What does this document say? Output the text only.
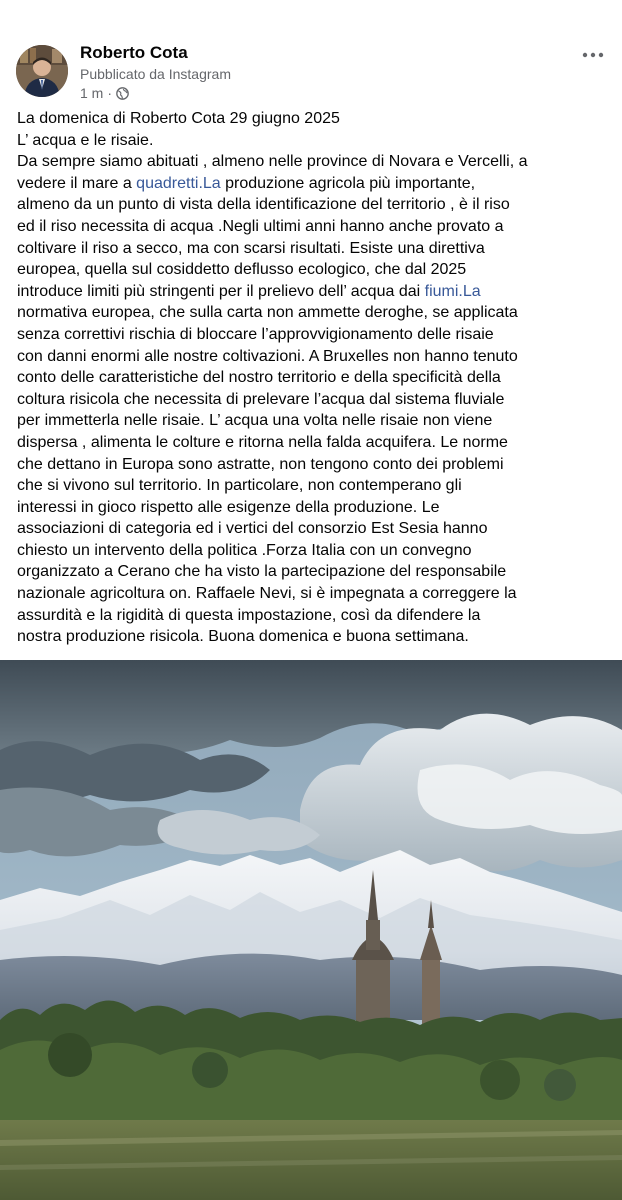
Roberto Cota
Pubblicato da Instagram
1 m ·
La domenica di Roberto Cota 29 giugno 2025
L’ acqua e le risaie.
Da sempre siamo abituati , almeno nelle province di Novara e Vercelli, a
vedere il mare a quadretti.La produzione agricola più importante,
almeno da un punto di vista della identificazione del territorio , è il riso
ed il riso necessita di acqua .Negli ultimi anni hanno anche provato a
coltivare il riso a secco, ma con scarsi risultati. Esiste una direttiva
europea, quella sul cosiddetto deflusso ecologico, che dal 2025
introduce limiti più stringenti per il prelievo dell’ acqua dai fiumi.La
normativa europea, che sulla carta non ammette deroghe, se applicata
senza correttivi rischia di bloccare l’approvvigionamento delle risaie
con danni enormi alle nostre coltivazioni. A Bruxelles non hanno tenuto
conto delle caratteristiche del nostro territorio e della specificità della
coltura risicola che necessita di prelevare l’acqua dal sistema fluviale
per immetterla nelle risaie. L’ acqua una volta nelle risaie non viene
dispersa , alimenta le colture e ritorna nella falda acquifera. Le norme
che dettano in Europa sono astratte, non tengono conto dei problemi
che si vivono sul territorio. In particolare, non contemperano gli
interessi in gioco rispetto alle esigenze della produzione. Le
associazioni di categoria ed i vertici del consorzio Est Sesia hanno
chiesto un intervento della politica .Forza Italia con un convegno
organizzato a Cerano che ha visto la partecipazione del responsabile
nazionale agricoltura on. Raffaele Nevi, si è impegnata a correggere la
assurdità e la rigidità di questa impostazione, così da difendere la
nostra produzione risicola. Buona domenica e buona settimana.
